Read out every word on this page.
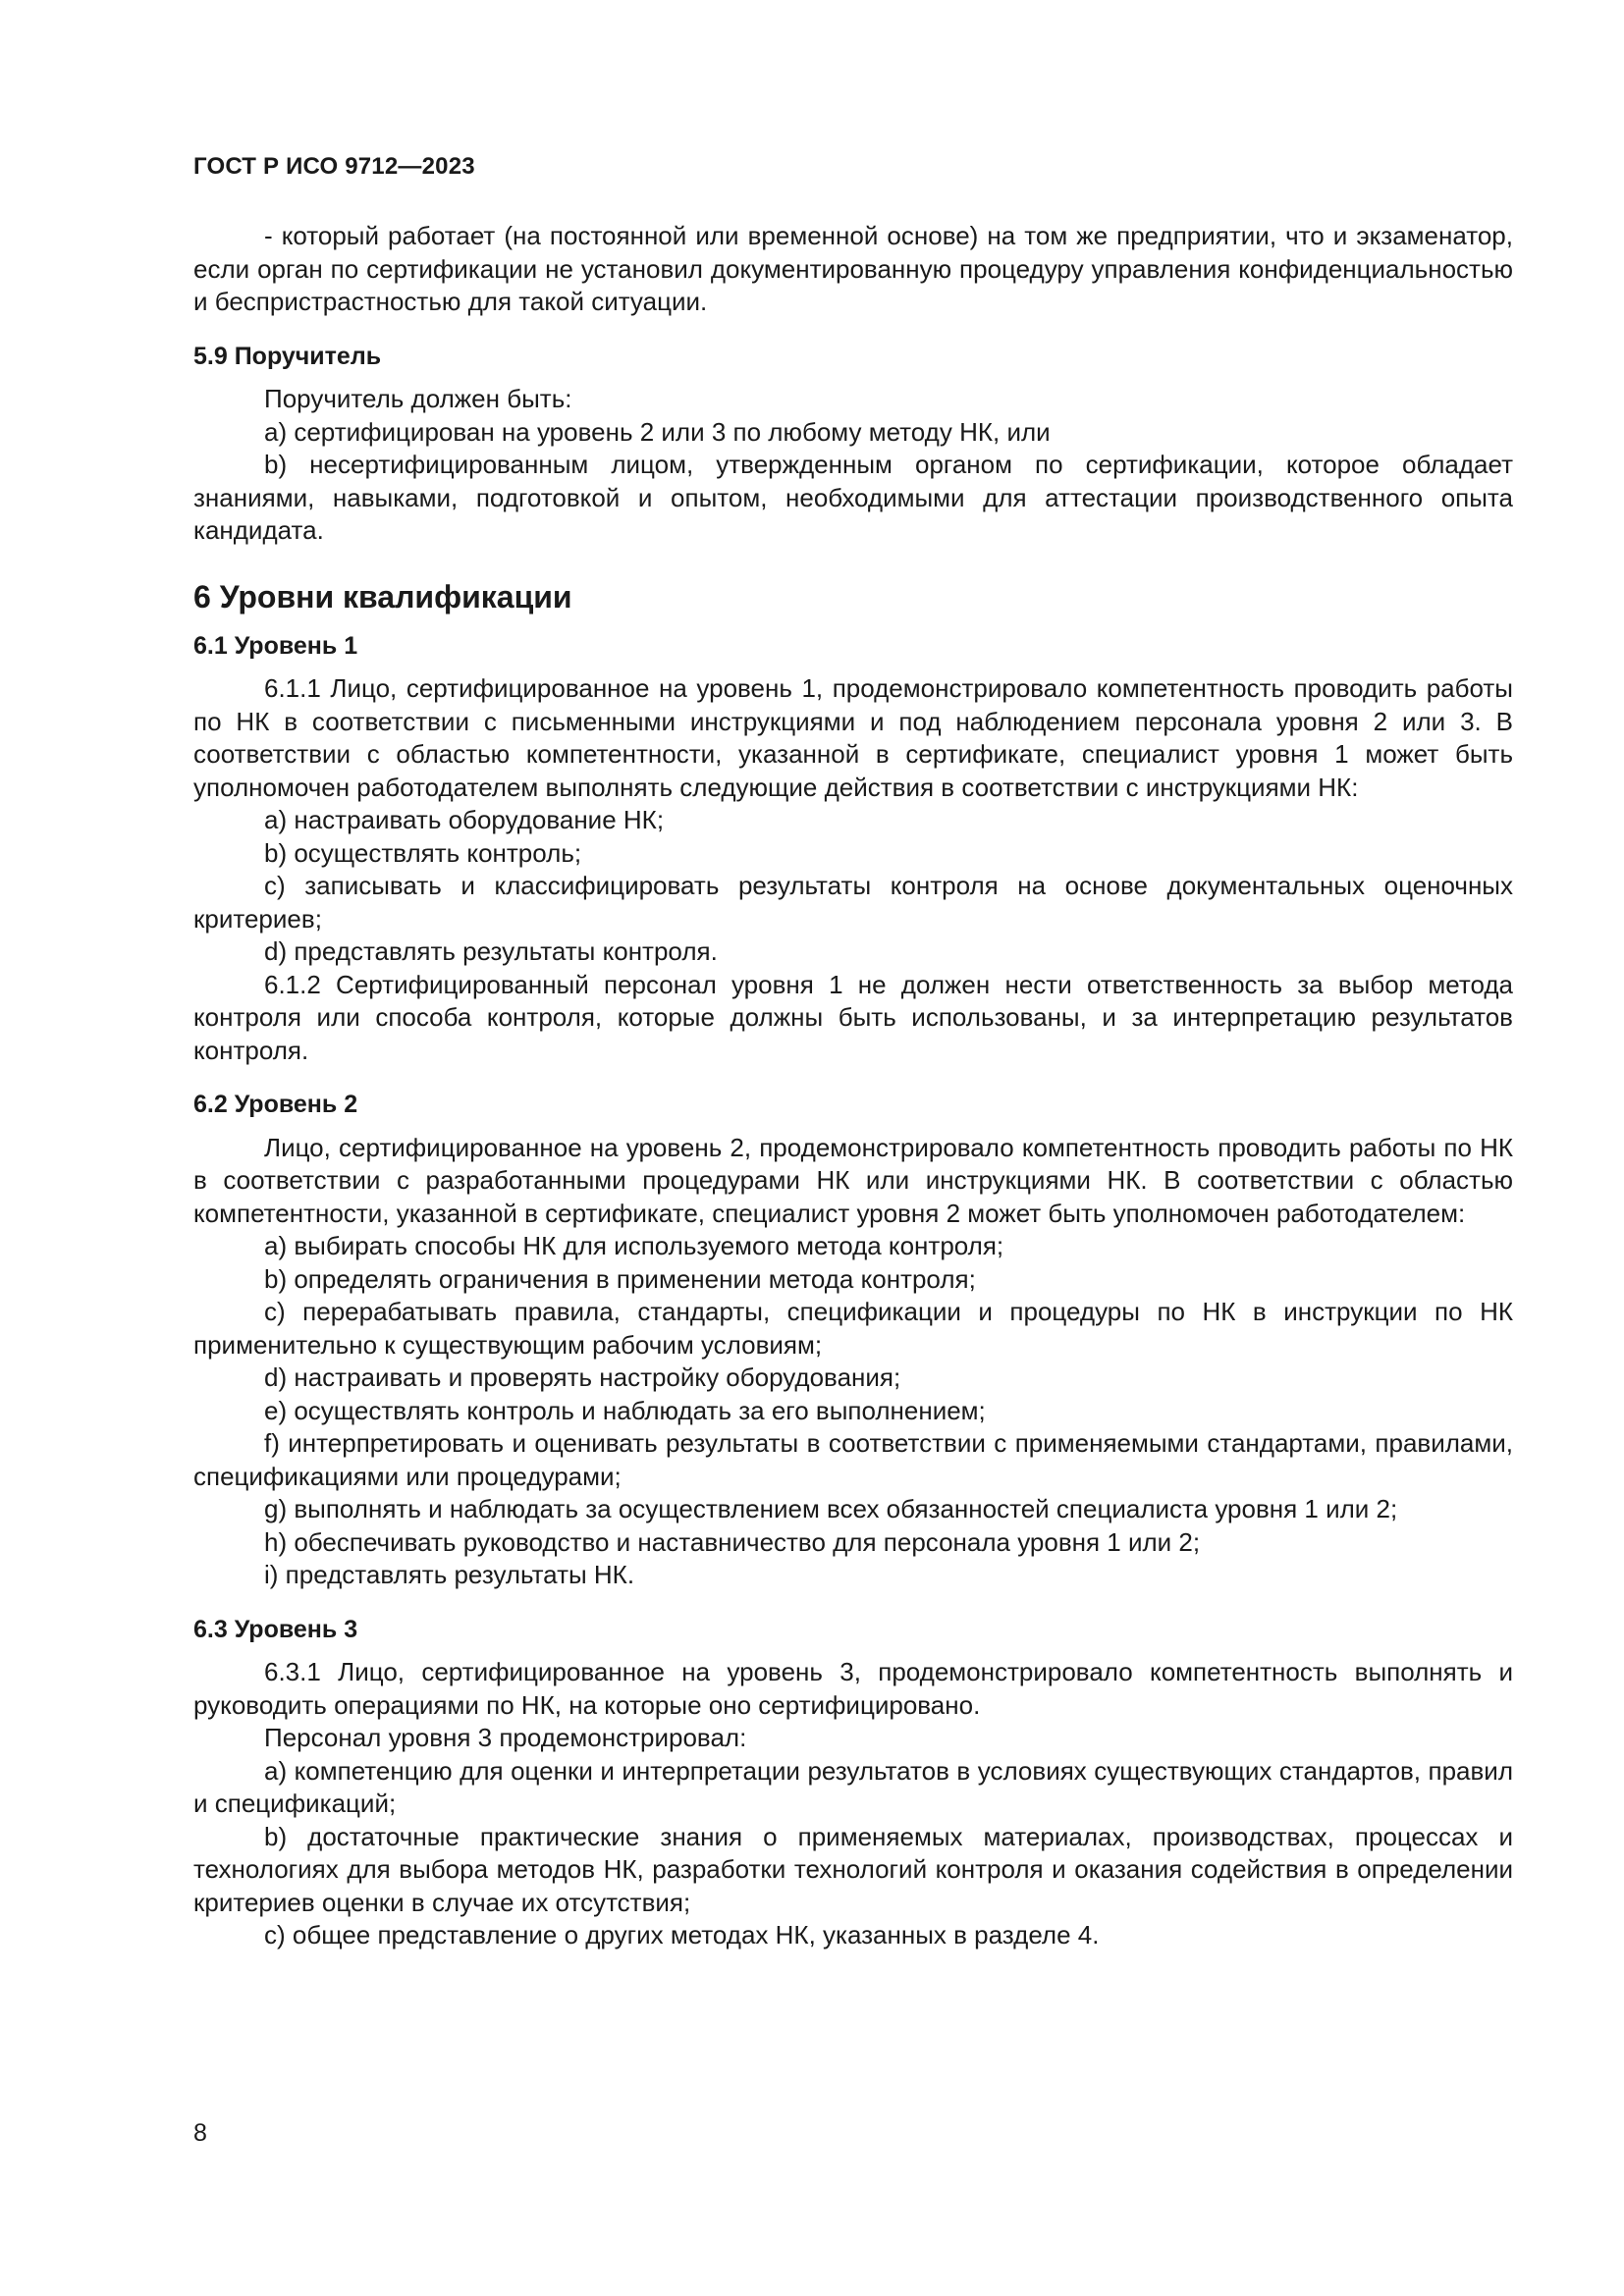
ГОСТ Р ИСО 9712—2023

- который работает (на постоянной или временной основе) на том же предприятии, что и экзаменатор, если орган по сертификации не установил документированную процедуру управления конфиденциальностью и беспристрастностью для такой ситуации.

5.9 Поручитель

Поручитель должен быть:

a) сертифицирован на уровень 2 или 3 по любому методу НК, или

b) несертифицированным лицом, утвержденным органом по сертификации, которое обладает знаниями, навыками, подготовкой и опытом, необходимыми для аттестации производственного опыта кандидата.

6 Уровни квалификации

6.1 Уровень 1

6.1.1 Лицо, сертифицированное на уровень 1, продемонстрировало компетентность проводить работы по НК в соответствии с письменными инструкциями и под наблюдением персонала уровня 2 или 3. В соответствии с областью компетентности, указанной в сертификате, специалист уровня 1 может быть уполномочен работодателем выполнять следующие действия в соответствии с инструкциями НК:

a) настраивать оборудование НК;

b) осуществлять контроль;

c) записывать и классифицировать результаты контроля на основе документальных оценочных критериев;

d) представлять результаты контроля.

6.1.2 Сертифицированный персонал уровня 1 не должен нести ответственность за выбор метода контроля или способа контроля, которые должны быть использованы, и за интерпретацию результатов контроля.

6.2 Уровень 2

Лицо, сертифицированное на уровень 2, продемонстрировало компетентность проводить работы по НК в соответствии с разработанными процедурами НК или инструкциями НК. В соответствии с областью компетентности, указанной в сертификате, специалист уровня 2 может быть уполномочен работодателем:

a) выбирать способы НК для используемого метода контроля;

b) определять ограничения в применении метода контроля;

c) перерабатывать правила, стандарты, спецификации и процедуры по НК в инструкции по НК применительно к существующим рабочим условиям;

d) настраивать и проверять настройку оборудования;

e) осуществлять контроль и наблюдать за его выполнением;

f) интерпретировать и оценивать результаты в соответствии с применяемыми стандартами, правилами, спецификациями или процедурами;

g) выполнять и наблюдать за осуществлением всех обязанностей специалиста уровня 1 или 2;

h) обеспечивать руководство и наставничество для персонала уровня 1 или 2;

i) представлять результаты НК.

6.3 Уровень 3

6.3.1 Лицо, сертифицированное на уровень 3, продемонстрировало компетентность выполнять и руководить операциями по НК, на которые оно сертифицировано.

Персонал уровня 3 продемонстрировал:

a) компетенцию для оценки и интерпретации результатов в условиях существующих стандартов, правил и спецификаций;

b) достаточные практические знания о применяемых материалах, производствах, процессах и технологиях для выбора методов НК, разработки технологий контроля и оказания содействия в определении критериев оценки в случае их отсутствия;

c) общее представление о других методах НК, указанных в разделе 4.

8
